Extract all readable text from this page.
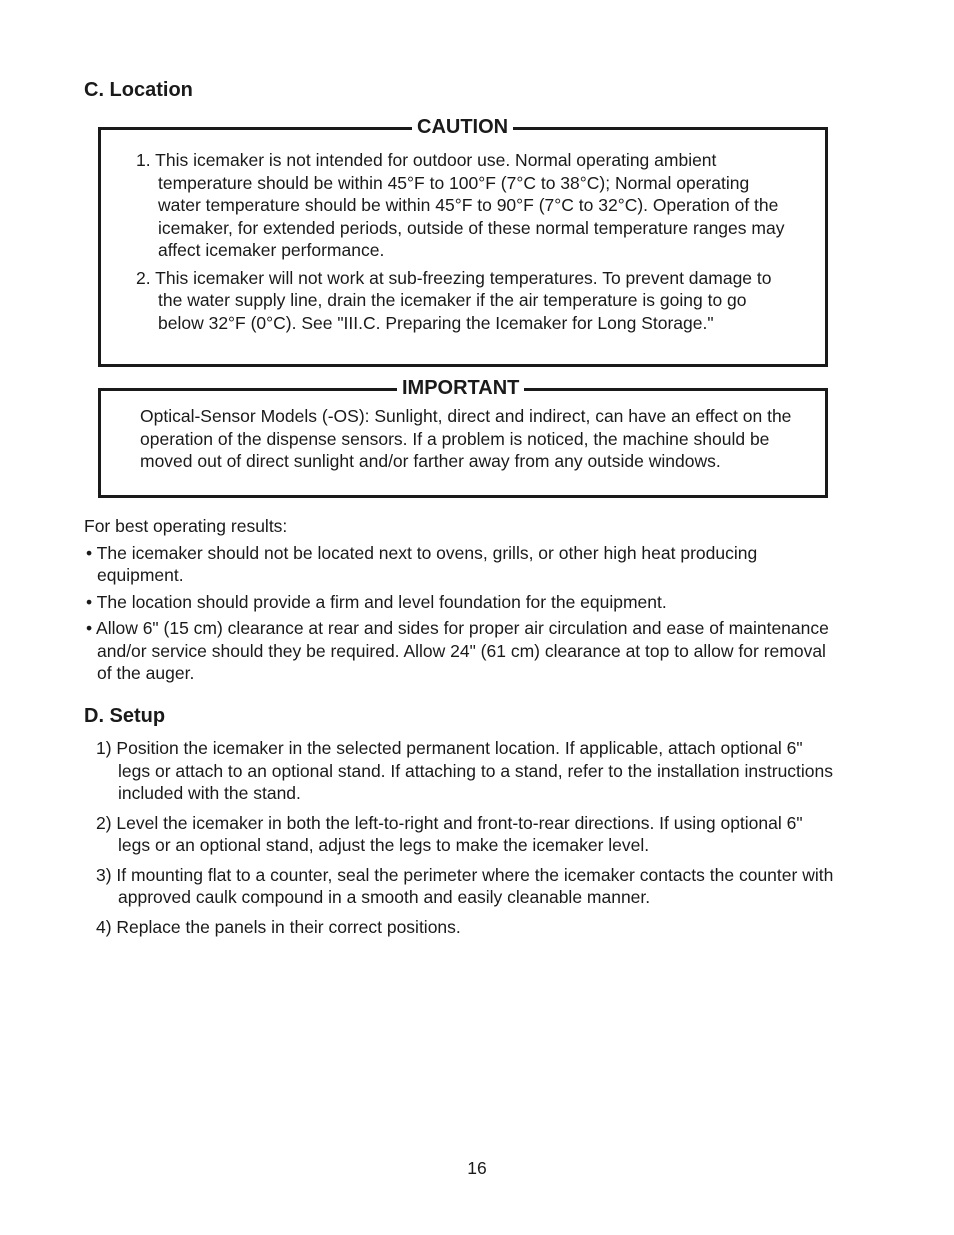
C. Location
CAUTION
1. This icemaker is not intended for outdoor use. Normal operating ambient temperature should be within 45°F to 100°F (7°C to 38°C); Normal operating water temperature should be within 45°F to 90°F (7°C to 32°C). Operation of the icemaker, for extended periods, outside of these normal temperature ranges may affect icemaker performance.
2. This icemaker will not work at sub-freezing temperatures. To prevent damage to the water supply line, drain the icemaker if the air temperature is going to go below 32°F (0°C). See "III.C. Preparing the Icemaker for Long Storage."
IMPORTANT
Optical-Sensor Models (-OS): Sunlight, direct and indirect, can have an effect on the operation of the dispense sensors. If a problem is noticed, the machine should be moved out of direct sunlight and/or farther away from any outside windows.
For best operating results:
• The icemaker should not be located next to ovens, grills, or other high heat producing equipment.
• The location should provide a firm and level foundation for the equipment.
• Allow 6" (15 cm) clearance at rear and sides for proper air circulation and ease of maintenance and/or service should they be required. Allow 24" (61 cm) clearance at top to allow for removal of the auger.
D. Setup
1) Position the icemaker in the selected permanent location. If applicable, attach optional 6" legs or attach to an optional stand. If attaching to a stand, refer to the installation instructions included with the stand.
2) Level the icemaker in both the left-to-right and front-to-rear directions. If using optional 6" legs or an optional stand, adjust the legs to make the icemaker level.
3) If mounting flat to a counter, seal the perimeter where the icemaker contacts the counter with approved caulk compound in a smooth and easily cleanable manner.
4) Replace the panels in their correct positions.
16
